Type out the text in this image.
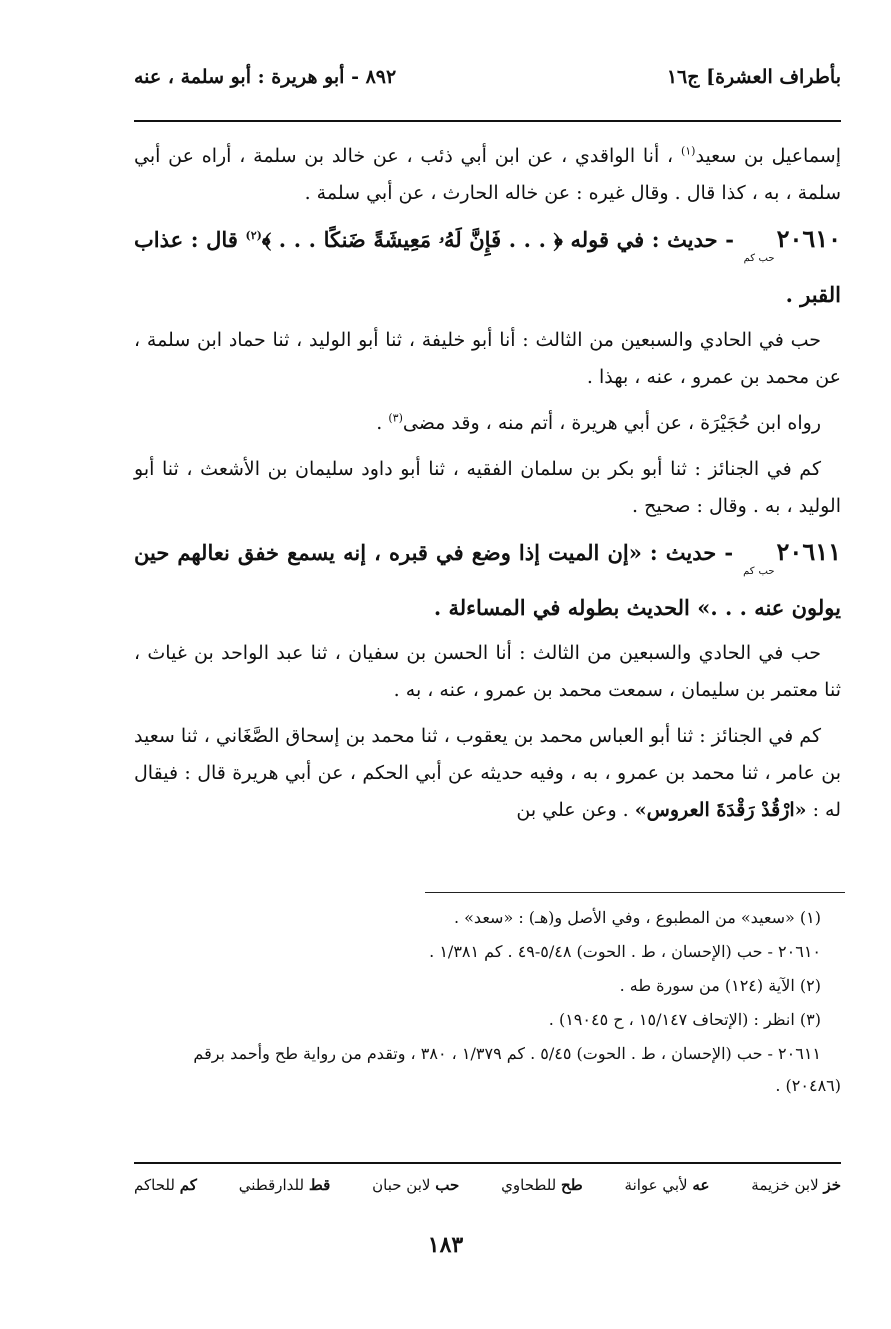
بأطراف العشرة] ج١٦
٨٩٢ - أبو هريرة : أبو سلمة ، عنه

إسماعيل بن سعيد$^{(١)}$ ، أنا الواقدي ، عن ابن أبي ذئب ، عن خالد بن سلمة ، أراه عن أبي سلمة ، به ، كذا قال . وقال غيره : عن خاله الحارث ، عن أبي سلمة .

$٢٠٦١٠_{حب كم}$ - حديث : في قوله ﴿ . . . فَإِنَّ لَهُۥ مَعِيشَةً ضَنكًا . . . ﴾$^{(٢)}$ قال : عذاب القبر .

حب في الحادي والسبعين من الثالث : أنا أبو خليفة ، ثنا أبو الوليد ، ثنا حماد ابن سلمة ، عن محمد بن عمرو ، عنه ، بهذا .

رواه ابن حُجَيْرَة ، عن أبي هريرة ، أتم منه ، وقد مضى$^{(٣)}$ .

كم في الجنائز : ثنا أبو بكر بن سلمان الفقيه ، ثنا أبو داود سليمان بن الأشعث ، ثنا أبو الوليد ، به . وقال : صحيح .

$٢٠٦١١_{حب كم}$ - حديث : «إن الميت إذا وضع في قبره ، إنه يسمع خفق نعالهم حين يولون عنه . . .» الحديث بطوله في المساءلة .

حب في الحادي والسبعين من الثالث : أنا الحسن بن سفيان ، ثنا عبد الواحد بن غياث ، ثنا معتمر بن سليمان ، سمعت محمد بن عمرو ، عنه ، به .

كم في الجنائز : ثنا أبو العباس محمد بن يعقوب ، ثنا محمد بن إسحاق الصَّغَاني ، ثنا سعيد بن عامر ، ثنا محمد بن عمرو ، به ، وفيه حديثه عن أبي الحكم ، عن أبي هريرة قال : فيقال له : «ارْقُدْ رَقْدَةَ العروس» . وعن علي بن

(١) «سعيد» من المطبوع ، وفي الأصل و(هـ) : «سعد» .

٢٠٦١٠ - حب (الإحسان ، ط . الحوت) ٥/٤٨-٤٩ . كم ١/٣٨١ .

(٢) الآية (١٢٤) من سورة طه .

(٣) انظر : (الإتحاف ١٥/١٤٧ ، ح ١٩٠٤٥) .

٢٠٦١١ - حب (الإحسان ، ط . الحوت) ٥/٤٥ . كم ١/٣٧٩ ، ٣٨٠ ، وتقدم من رواية طح وأحمد برقم (٢٠٤٨٦) .

خز لابن خزيمة
عه لأبي عوانة
طح للطحاوي
حب لابن حبان
قط للدارقطني
كم للحاكم
١٨٣
